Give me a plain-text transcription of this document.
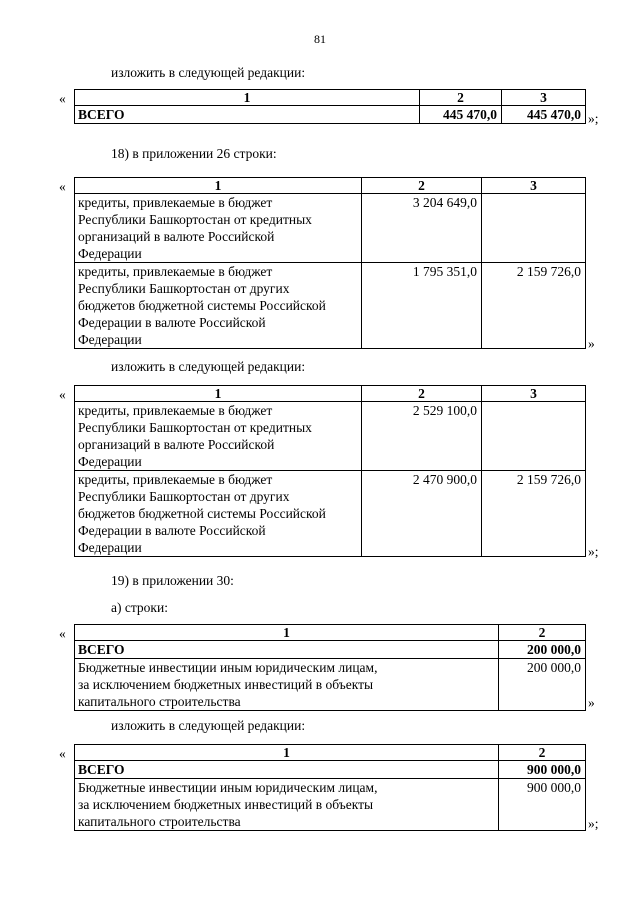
81
изложить в следующей редакции:
«	1	2	3
ВСЕГО	445 470,0	445 470,0 »;
18) в приложении 26 строки:
«	1	2	3

кредиты, привлекаемые в бюджет
Республики Башкортостан от кредитных
организаций в валюте Российской
Федерации	3 204 649,0	

кредиты, привлекаемые в бюджет
Республики Башкортостан от других
бюджетов бюджетной системы Российской
Федерации в валюте Российской
Федерации	1 795 351,0	2 159 726,0
»
изложить в следующей редакции:
«	1	2	3

кредиты, привлекаемые в бюджет
Республики Башкортостан от кредитных
организаций в валюте Российской
Федерации	2 529 100,0	

кредиты, привлекаемые в бюджет
Республики Башкортостан от других
бюджетов бюджетной системы Российской
Федерации в валюте Российской
Федерации	2 470 900,0	2 159 726,0
»;
19) в приложении 30:
а) строки:
«	1	2
ВСЕГО	200 000,0

Бюджетные инвестиции иным юридическим лицам,
за исключением бюджетных инвестиций в объекты
капитального строительства	200 000,0
»
изложить в следующей редакции:
«	1	2
ВСЕГО	900 000,0

Бюджетные инвестиции иным юридическим лицам,
за исключением бюджетных инвестиций в объекты
капитального строительства	900 000,0
»;
